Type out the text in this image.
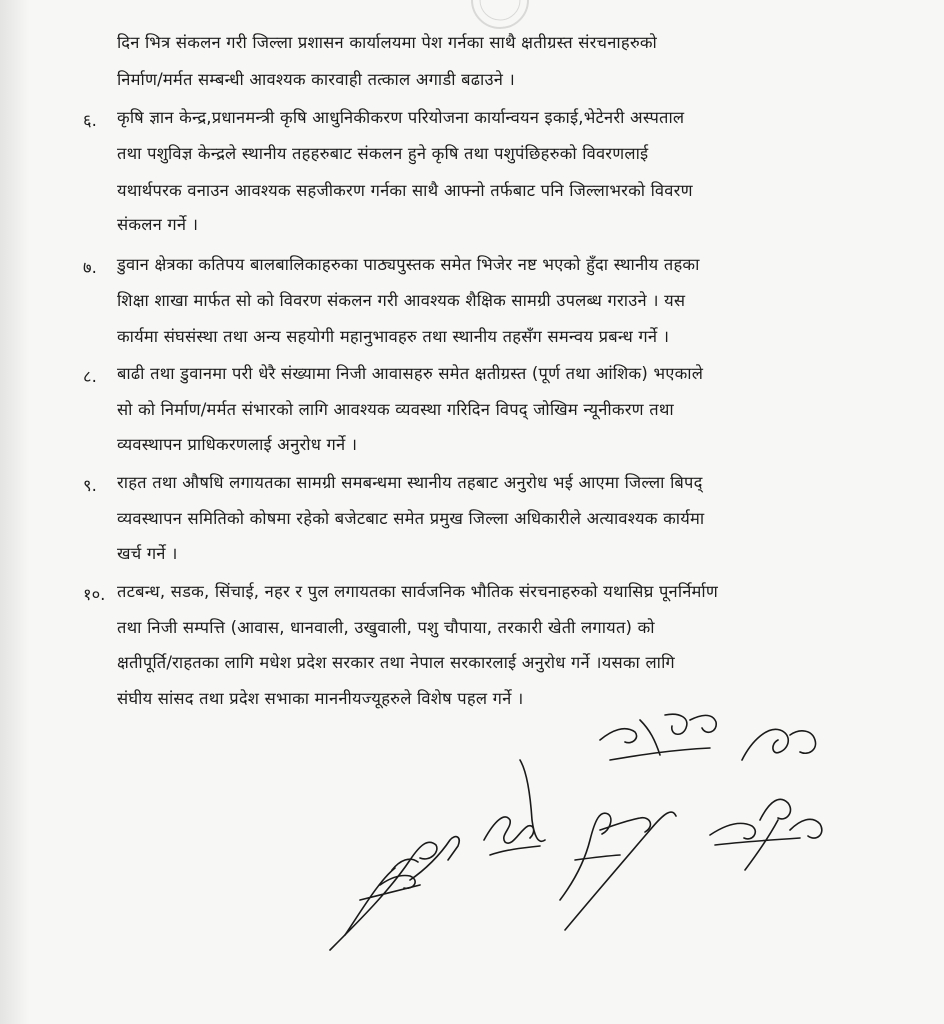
दिन भित्र संकलन गरी जिल्ला प्रशासन कार्यालयमा पेश गर्नका साथै क्षतीग्रस्त संरचनाहरुको
निर्माण/मर्मत सम्बन्धी आवश्यक कारवाही तत्काल अगाडी बढाउने ।
६. कृषि ज्ञान केन्द्र,प्रधानमन्त्री कृषि आधुनिकीकरण परियोजना कार्यान्वयन इकाई,भेटेनरी अस्पताल
तथा पशुविज्ञ केन्द्रले स्थानीय तहहरुबाट संकलन हुने कृषि तथा पशुपंछिहरुको विवरणलाई
यथार्थपरक वनाउन आवश्यक सहजीकरण गर्नका साथै आफ्नो तर्फबाट पनि जिल्लाभरको विवरण
संकलन गर्ने ।
७. डुवान क्षेत्रका कतिपय बालबालिकाहरुका पाठ्यपुस्तक समेत भिजेर नष्ट भएको हुँदा स्थानीय तहका
शिक्षा शाखा मार्फत सो को विवरण संकलन गरी आवश्यक शैक्षिक सामग्री उपलब्ध गराउने । यस
कार्यमा संघसंस्था तथा अन्य सहयोगी महानुभावहरु तथा स्थानीय तहसँग समन्वय प्रबन्ध गर्ने ।
८. बाढी तथा डुवानमा परी धेरै संख्यामा निजी आवासहरु समेत क्षतीग्रस्त (पूर्ण तथा आंशिक) भएकाले
सो को निर्माण/मर्मत संभारको लागि आवश्यक व्यवस्था गरिदिन विपद् जोखिम न्यूनीकरण तथा
व्यवस्थापन प्राधिकरणलाई अनुरोध गर्ने ।
९. राहत तथा औषधि लगायतका सामग्री समबन्धमा स्थानीय तहबाट अनुरोध भई आएमा जिल्ला बिपद्
व्यवस्थापन समितिको कोषमा रहेको बजेटबाट समेत प्रमुख जिल्ला अधिकारीले अत्यावश्यक कार्यमा
खर्च गर्ने ।
१०. तटबन्ध, सडक, सिंचाई, नहर र पुल लगायतका सार्वजनिक भौतिक संरचनाहरुको यथासिघ्र पूनर्निर्माण
तथा निजी सम्पत्ति (आवास, धानवाली, उखुवाली, पशु चौपाया, तरकारी खेती लगायत) को
क्षतीपूर्ति/राहतका लागि मधेश प्रदेश सरकार तथा नेपाल सरकारलाई अनुरोध गर्ने ।यसका लागि
संघीय सांसद तथा प्रदेश सभाका माननीयज्यूहरुले विशेष पहल गर्ने ।
